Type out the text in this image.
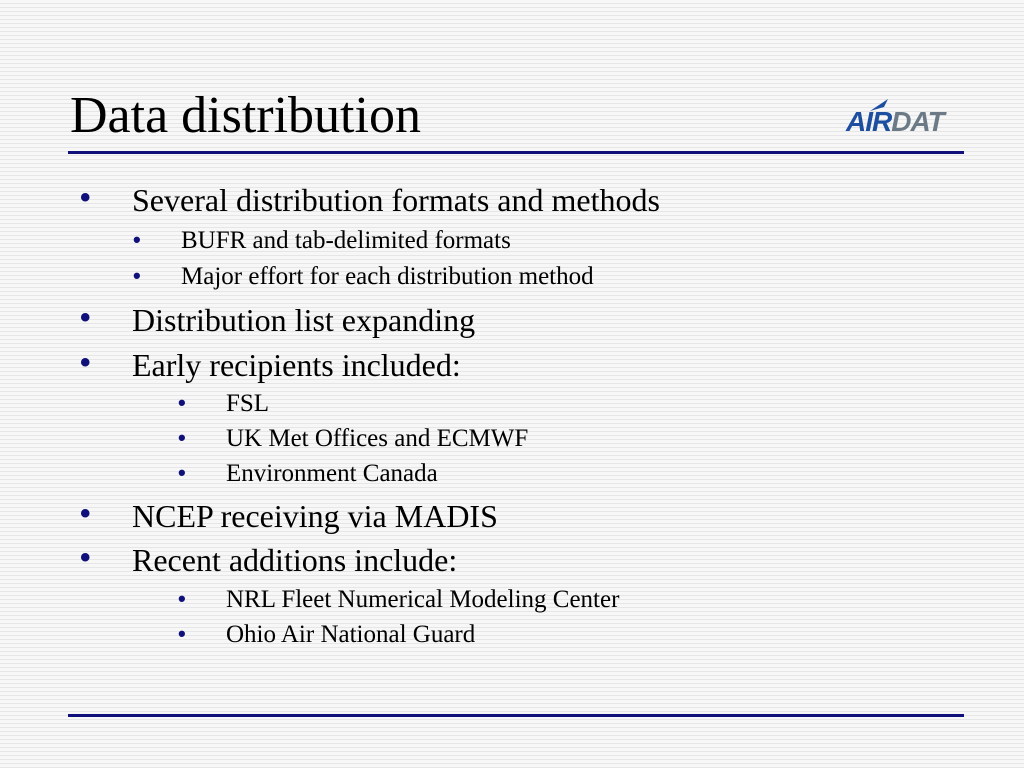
Data distribution	AIRDAT
• Several distribution formats and methods
• BUFR and tab-delimited formats
• Major effort for each distribution method
• Distribution list expanding
• Early recipients included:
• FSL
• UK Met Offices and ECMWF
• Environment Canada
• NCEP receiving via MADIS
• Recent additions include:
• NRL Fleet Numerical Modeling Center
• Ohio Air National Guard
